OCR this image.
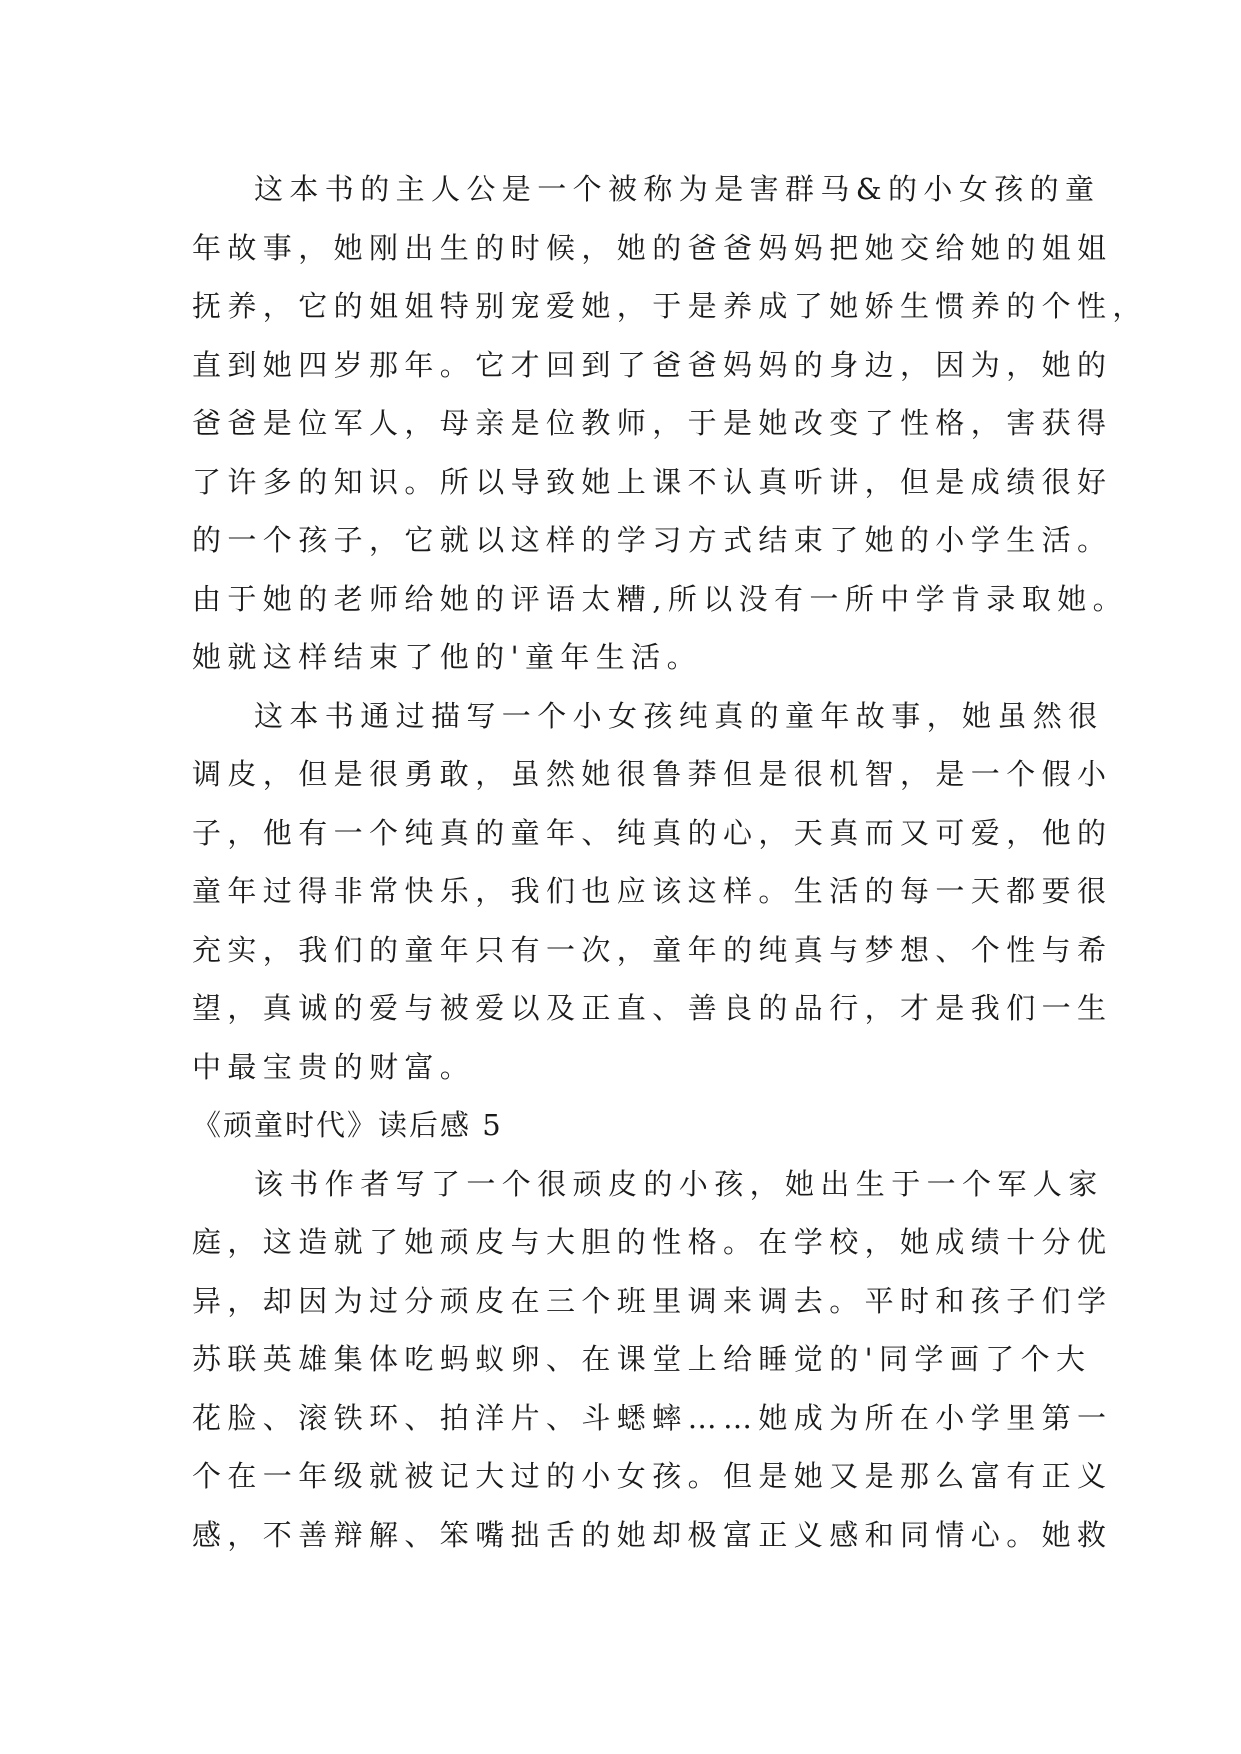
这本书的主人公是一个被称为是害群马&的小女孩的童
年故事，她刚出生的时候，她的爸爸妈妈把她交给她的姐姐
抚养，它的姐姐特别宠爱她，于是养成了她娇生惯养的个性，
直到她四岁那年。它才回到了爸爸妈妈的身边，因为，她的
爸爸是位军人，母亲是位教师，于是她改变了性格，害获得
了许多的知识。所以导致她上课不认真听讲，但是成绩很好
的一个孩子，它就以这样的学习方式结束了她的小学生活。
由于她的老师给她的评语太糟,所以没有一所中学肯录取她。
她就这样结束了他的'童年生活。
这本书通过描写一个小女孩纯真的童年故事，她虽然很
调皮，但是很勇敢，虽然她很鲁莽但是很机智，是一个假小
子，他有一个纯真的童年、纯真的心，天真而又可爱，他的
童年过得非常快乐，我们也应该这样。生活的每一天都要很
充实，我们的童年只有一次，童年的纯真与梦想、个性与希
望，真诚的爱与被爱以及正直、善良的品行，才是我们一生
中最宝贵的财富。
《顽童时代》读后感 5
该书作者写了一个很顽皮的小孩，她出生于一个军人家
庭，这造就了她顽皮与大胆的性格。在学校，她成绩十分优
异，却因为过分顽皮在三个班里调来调去。平时和孩子们学
苏联英雄集体吃蚂蚁卵、在课堂上给睡觉的'同学画了个大
花脸、滚铁环、拍洋片、斗蟋蟀……她成为所在小学里第一
个在一年级就被记大过的小女孩。但是她又是那么富有正义
感，不善辩解、笨嘴拙舌的她却极富正义感和同情心。她救
